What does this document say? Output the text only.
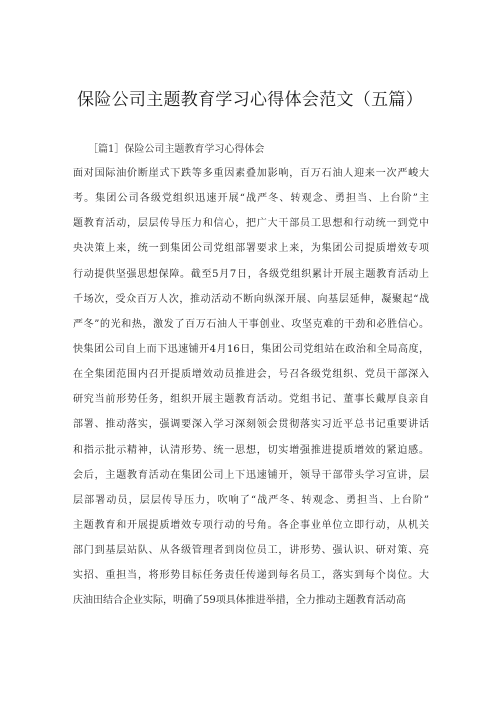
保险公司主题教育学习心得体会范文（五篇）

［篇1］保险公司主题教育学习心得体会

面对国际油价断崖式下跌等多重因素叠加影响，百万石油人迎来一次严峻大
考。集团公司各级党组织迅速开展“战严冬、转观念、勇担当、上台阶”主
题教育活动，层层传导压力和信心，把广大干部员工思想和行动统一到党中
央决策上来，统一到集团公司党组部署要求上来，为集团公司提质增效专项
行动提供坚强思想保障。截至5月7日，各级党组织累计开展主题教育活动上
千场次，受众百万人次，推动活动不断向纵深开展、向基层延伸，凝聚起“战
严冬”的光和热，激发了百万石油人干事创业、攻坚克难的干劲和必胜信心。
快集团公司自上而下迅速铺开4月16日，集团公司党组站在政治和全局高度，
在全集团范围内召开提质增效动员推进会，号召各级党组织、党员干部深入
研究当前形势任务，组织开展主题教育活动。党组书记、董事长戴厚良亲自
部署、推动落实，强调要深入学习深刻领会贯彻落实习近平总书记重要讲话
和指示批示精神，认清形势、统一思想，切实增强推进提质增效的紧迫感。
会后，主题教育活动在集团公司上下迅速铺开，领导干部带头学习宣讲，层
层部署动员，层层传导压力，吹响了“战严冬、转观念、勇担当、上台阶”
主题教育和开展提质增效专项行动的号角。各企事业单位立即行动，从机关
部门到基层站队、从各级管理者到岗位员工，讲形势、强认识、研对策、亮
实招、重担当，将形势目标任务责任传递到每名员工，落实到每个岗位。大
庆油田结合企业实际，明确了59项具体推进举措，全力推动主题教育活动高
